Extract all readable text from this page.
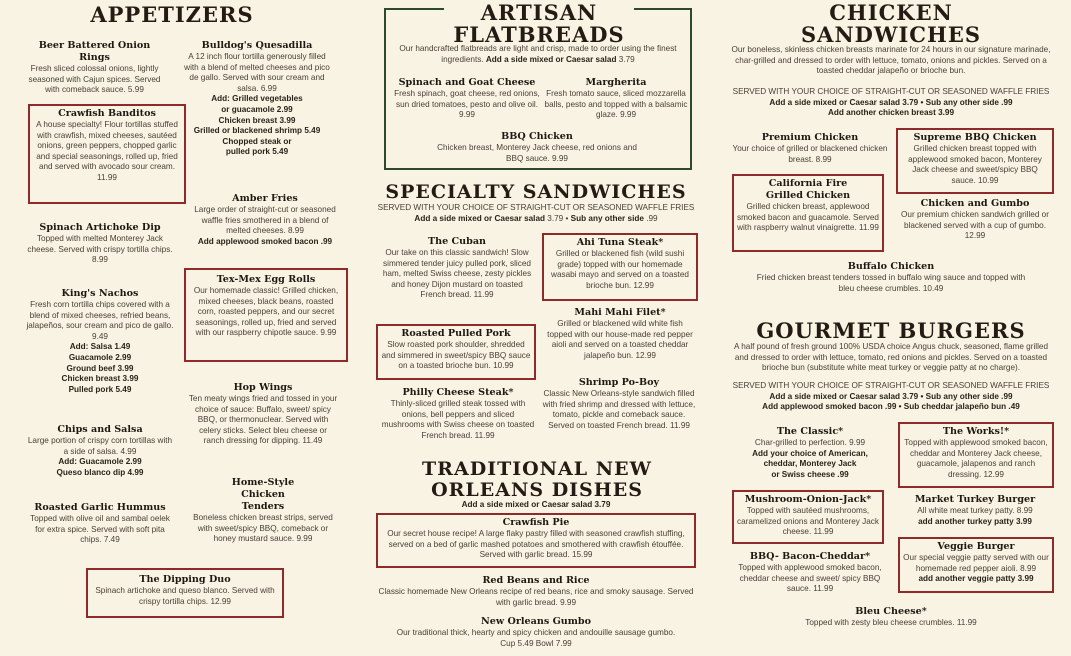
APPETIZERS
Beer Battered Onion Rings
Fresh sliced colossal onions, lightly seasoned with Cajun spices. Served with comeback sauce. 5.99
Bulldog's Quesadilla
A 12 inch flour tortilla generously filled with a blend of melted cheeses and pico de gallo. Served with sour cream and salsa. 6.99
Add: Grilled vegetables
or guacamole 2.99
Chicken breast 3.99
Grilled or blackened shrimp 5.49
Chopped steak or
pulled pork 5.49
Crawfish Banditos
A house specialty! Flour tortillas stuffed with crawfish, mixed cheeses, sautéed onions, green peppers, chopped garlic and special seasonings, rolled up, fried and served with avocado sour cream. 11.99
Amber Fries
Large order of straight-cut or seasoned waffle fries smothered in a blend of melted cheeses. 8.99
Add applewood smoked bacon .99
Spinach Artichoke Dip
Topped with melted Monterey Jack cheese. Served with crispy tortilla chips. 8.99
Tex-Mex Egg Rolls
Our homemade classic! Grilled chicken, mixed cheeses, black beans, roasted corn, roasted peppers, and our secret seasonings, rolled up, fried and served with our raspberry chipotle sauce. 9.99
King's Nachos
Fresh corn tortilla chips covered with a blend of mixed cheeses, refried beans, jalapeños, sour cream and pico de gallo. 9.49
Add: Salsa 1.49
Guacamole 2.99
Ground beef 3.99
Chicken breast 3.99
Pulled pork 5.49	Hop Wings
Ten meaty wings fried and tossed in your choice of sauce: Buffalo, sweet/ spicy BBQ, or thermonuclear. Served with celery sticks. Select bleu cheese or ranch dressing for dipping. 11.49
Chips and Salsa
Large portion of crispy corn tortillas with a side of salsa. 4.99
Add: Guacamole 2.99
Queso blanco dip 4.99
Home-Style Chicken Tenders
Boneless chicken breast strips, served with sweet/spicy BBQ, comeback or honey mustard sauce. 9.99
Roasted Garlic Hummus
Topped with olive oil and sambal oelek for extra spice. Served with soft pita chips. 7.49
The Dipping Duo
Spinach artichoke and queso blanco. Served with crispy tortilla chips. 12.99
ARTISAN FLATBREADS
Our handcrafted flatbreads are light and crisp, made to order using the finest ingredients. Add a side mixed or Caesar salad 3.79
Spinach and Goat Cheese
Fresh spinach, goat cheese, red onions, sun dried tomatoes, pesto and olive oil. 9.99
Margherita
Fresh tomato sauce, sliced mozzarella balls, pesto and topped with a balsamic glaze. 9.99
BBQ Chicken
Chicken breast, Monterey Jack cheese, red onions and BBQ sauce. 9.99
SPECIALTY SANDWICHES
SERVED WITH YOUR CHOICE OF STRAIGHT-CUT OR SEASONED WAFFLE FRIES
Add a side mixed or Caesar salad 3.79 • Sub any other side .99
The Cuban
Our take on this classic sandwich! Slow simmered tender juicy pulled pork, sliced ham, melted Swiss cheese, zesty pickles and honey Dijon mustard on toasted French bread. 11.99
Ahi Tuna Steak*
Grilled or blackened fish (wild sushi grade) topped with our homemade wasabi mayo and served on a toasted brioche bun. 12.99
Mahi Mahi Filet*
Grilled or blackened wild white fish topped with our house-made red pepper aioli and served on a toasted cheddar jalapeño bun. 12.99
Roasted Pulled Pork
Slow roasted pork shoulder, shredded and simmered in sweet/spicy BBQ sauce on a toasted brioche bun. 10.99
Shrimp Po-Boy
Classic New Orleans-style sandwich filled with fried shrimp and dressed with lettuce, tomato, pickle and comeback sauce. Served on toasted French bread. 11.99
Philly Cheese Steak*
Thinly-sliced grilled steak tossed with onions, bell peppers and sliced mushrooms with Swiss cheese on toasted French bread. 11.99
TRADITIONAL NEW ORLEANS DISHES
Add a side mixed or Caesar salad 3.79
Crawfish Pie
Our secret house recipe! A large flaky pastry filled with seasoned crawfish stuffing, served on a bed of garlic mashed potatoes and smothered with crawfish étouffée. Served with garlic bread. 15.99
Red Beans and Rice
Classic homemade New Orleans recipe of red beans, rice and smoky sausage. Served with garlic bread. 9.99
New Orleans Gumbo
Our traditional thick, hearty and spicy chicken and andouille sausage gumbo.
Cup 5.49 Bowl 7.99
CHICKEN SANDWICHES
Our boneless, skinless chicken breasts marinate for 24 hours in our signature marinade, char-grilled and dressed to order with lettuce, tomato, onions and pickles. Served on a toasted cheddar jalapeño or brioche bun.
SERVED WITH YOUR CHOICE OF STRAIGHT-CUT OR SEASONED WAFFLE FRIES
Add a side mixed or Caesar salad 3.79 • Sub any other side .99
Add another chicken breast 3.99
Premium Chicken
Your choice of grilled or blackened chicken breast. 8.99
Supreme BBQ Chicken
Grilled chicken breast topped with applewood smoked bacon, Monterey Jack cheese and sweet/spicy BBQ sauce. 10.99
California Fire Grilled Chicken
Grilled chicken breast, applewood smoked bacon and guacamole. Served with raspberry walnut vinaigrette. 11.99
Chicken and Gumbo
Our premium chicken sandwich grilled or blackened served with a cup of gumbo. 12.99
Buffalo Chicken
Fried chicken breast tenders tossed in buffalo wing sauce and topped with bleu cheese crumbles. 10.49
GOURMET BURGERS
A half pound of fresh ground 100% USDA choice Angus chuck, seasoned, flame grilled and dressed to order with lettuce, tomato, red onions and pickles. Served on a toasted brioche bun (substitute white meat turkey or veggie patty at no charge).
SERVED WITH YOUR CHOICE OF STRAIGHT-CUT OR SEASONED WAFFLE FRIES
Add a side mixed or Caesar salad 3.79 • Sub any other side .99
Add applewood smoked bacon .99 • Sub cheddar jalapeño bun .49
The Classic*
Char-grilled to perfection. 9.99
Add your choice of American,
cheddar, Monterey Jack
or Swiss cheese .99
The Works!*
Topped with applewood smoked bacon, cheddar and Monterey Jack cheese, guacamole, jalapenos and ranch dressing. 12.99
Mushroom-Onion-Jack*
Topped with sautéed mushrooms, caramelized onions and Monterey Jack cheese. 11.99
Market Turkey Burger
All white meat turkey patty. 8.99
add another turkey patty 3.99
Veggie Burger
Our special veggie patty served with our homemade red pepper aioli. 8.99
add another veggie patty 3.99
BBQ- Bacon-Cheddar*
Topped with applewood smoked bacon, cheddar cheese and sweet/ spicy BBQ sauce. 11.99
Bleu Cheese*
Topped with zesty bleu cheese crumbles. 11.99
